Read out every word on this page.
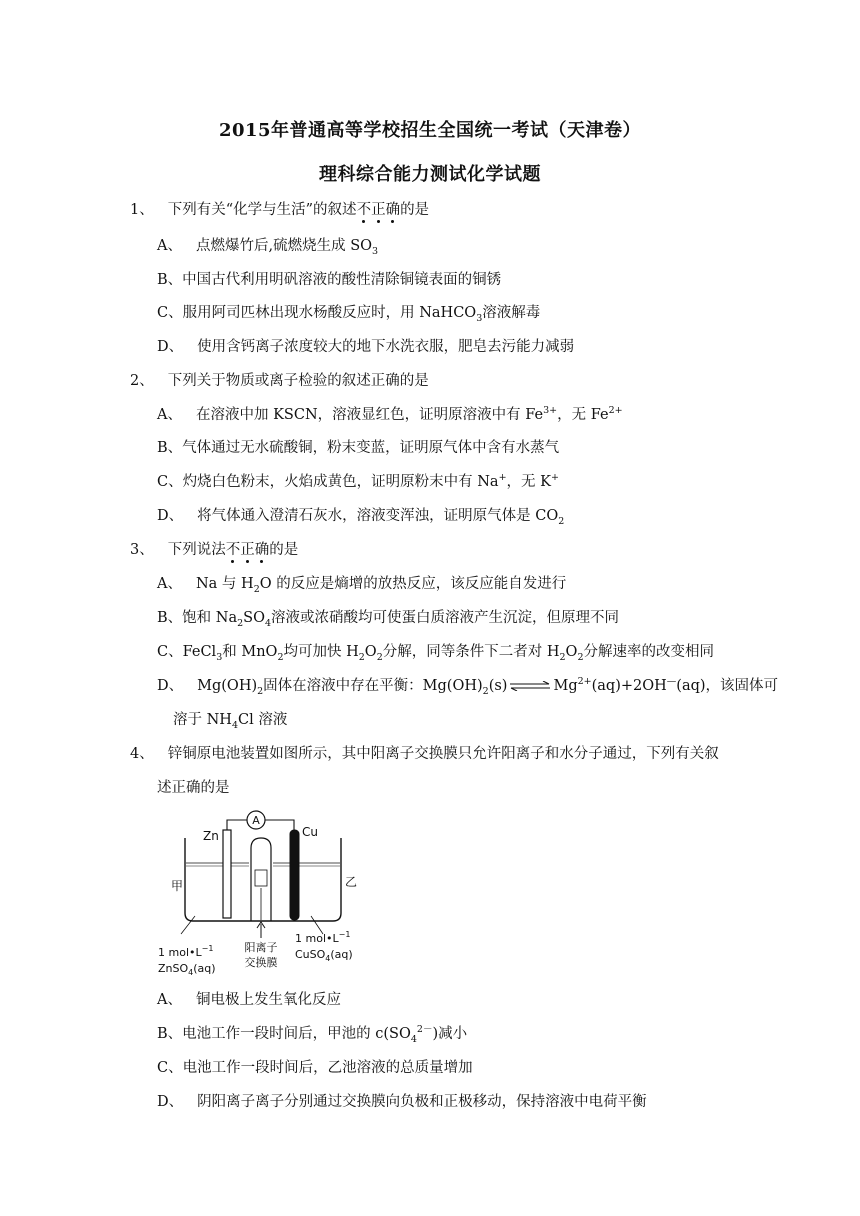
2015年普通高等学校招生全国统一考试（天津卷）
理科综合能力测试化学试题
1、 下列有关“化学与生活”的叙述不正确的是
A、 点燃爆竹后,硫燃烧生成 $SO_3$
B、中国古代利用明矾溶液的酸性清除铜镜表面的铜锈
C、服用阿司匹林出现水杨酸反应时，用 NaHCO$_3$溶液解毒
D、 使用含钙离子浓度较大的地下水洗衣服，肥皂去污能力减弱
2、 下列关于物质或离子检验的叙述正确的是
A、 在溶液中加 KSCN，溶液显红色，证明原溶液中有 $Fe^{3+}$，无 $Fe^{2+}$
B、气体通过无水硫酸铜，粉末变蓝，证明原气体中含有水蒸气
C、灼烧白色粉末，火焰成黄色，证明原粉末中有 Na+，无 K+
D、 将气体通入澄清石灰水，溶液变浑浊，证明原气体是 $CO_2$
3、 下列说法不正确的是
A、 Na 与 $H_2O$ 的反应是熵增的放热反应，该反应能自发进行
B、饱和 $Na_2SO_4$溶液或浓硝酸均可使蛋白质溶液产生沉淀，但原理不同
C、FeCl$_3$和 MnO$_2$均可加快 $H_2O_2$分解，同等条件下二者对 $H_2O_2$分解速率的改变相同
D、 $Mg(OH)_2$固体在溶液中存在平衡：$Mg(OH)_2(s)$ ⇌ $Mg^{2+}(aq)+2OH^—(aq)$，该固体可
溶于 $NH_4Cl$ 溶液
4、 锌铜原电池装置如图所示，其中阳离子交换膜只允许阳离子和水分子通过，下列有关叙
述正确的是
A
Zn	Cu
甲	乙
阳离子
交换膜
1 $mol•L^{-1}$
ZnSO$_4$(aq)
1 $mol•L^{-1}$
CuSO$_4$(aq)
A、 铜电极上发生氧化反应
B、电池工作一段时间后，甲池的 $c(SO_4^{2-})$减小
C、电池工作一段时间后，乙池溶液的总质量增加
D、 阴阳离子离子分别通过交换膜向负极和正极移动，保持溶液中电荷平衡
